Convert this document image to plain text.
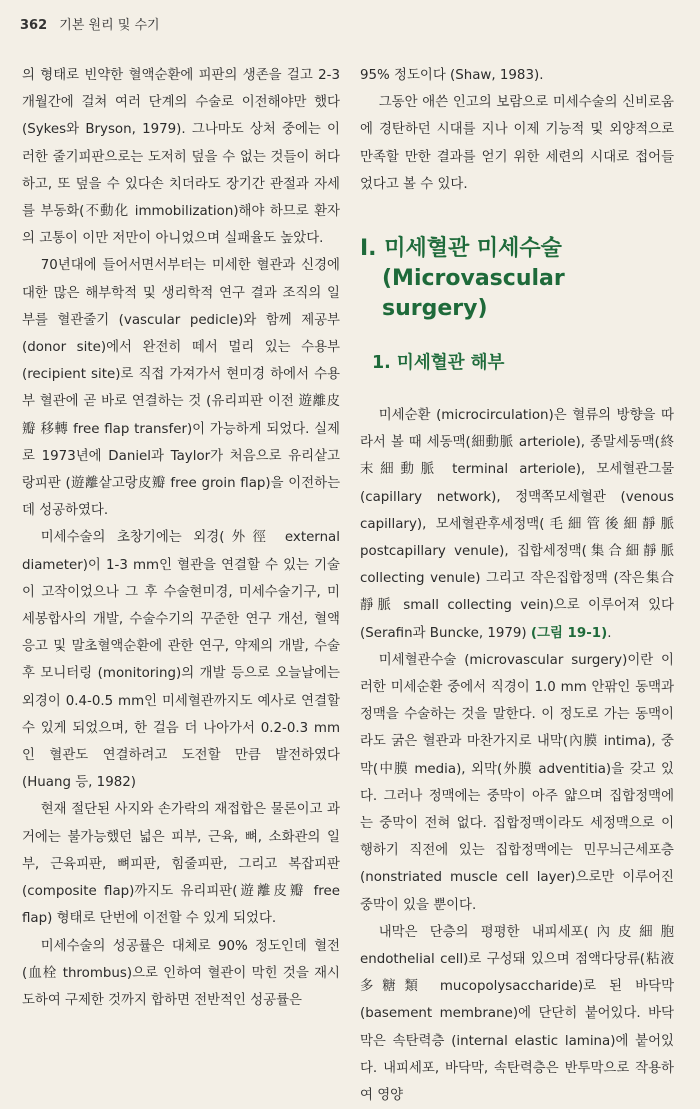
362 기본 원리 및 수기

의 형태로 빈약한 혈액순환에 피판의 생존을 걸고 2-3개월간에 걸쳐 여러 단계의 수술로 이전해야만 했다 (Sykes와 Bryson, 1979). 그나마도 상처 중에는 이러한 줄기피판으로는 도저히 덮을 수 없는 것들이 허다하고, 또 덮을 수 있다손 치더라도 장기간 관절과 자세를 부동화(不動化 immobilization)해야 하므로 환자의 고통이 이만 저만이 아니었으며 실패율도 높았다.

70년대에 들어서면서부터는 미세한 혈관과 신경에 대한 많은 해부학적 및 생리학적 연구 결과 조직의 일부를 혈관줄기 (vascular pedicle)와 함께 제공부(donor site)에서 완전히 떼서 멀리 있는 수용부(recipient site)로 직접 가져가서 현미경 하에서 수용부 혈관에 곧 바로 연결하는 것 (유리피판 이전 遊離皮瓣 移轉 free flap transfer)이 가능하게 되었다. 실제로 1973년에 Daniel과 Taylor가 처음으로 유리샅고랑피판 (遊離샅고랑皮瓣 free groin flap)을 이전하는데 성공하였다.

미세수술의 초창기에는 외경(外徑 external diameter)이 1-3 mm인 혈관을 연결할 수 있는 기술이 고작이었으나 그 후 수술현미경, 미세수술기구, 미세봉합사의 개발, 수술수기의 꾸준한 연구 개선, 혈액응고 및 말초혈액순환에 관한 연구, 약제의 개발, 수술 후 모니터링 (monitoring)의 개발 등으로 오늘날에는 외경이 0.4-0.5 mm인 미세혈관까지도 예사로 연결할 수 있게 되었으며, 한 걸음 더 나아가서 0.2-0.3 mm인 혈관도 연결하려고 도전할 만큼 발전하였다 (Huang 등, 1982)

현재 절단된 사지와 손가락의 재접합은 물론이고 과거에는 불가능했던 넓은 피부, 근육, 뼈, 소화관의 일부, 근육피판, 뼈피판, 힘줄피판, 그리고 복잡피판 (composite flap)까지도 유리피판(遊離皮瓣 free flap) 형태로 단번에 이전할 수 있게 되었다.

미세수술의 성공률은 대체로 90% 정도인데 혈전(血栓 thrombus)으로 인하여 혈관이 막힌 것을 재시도하여 구제한 것까지 합하면 전반적인 성공률은

95% 정도이다 (Shaw, 1983).

그동안 애쓴 인고의 보람으로 미세수술의 신비로움에 경탄하던 시대를 지나 이제 기능적 및 외양적으로 만족할 만한 결과를 얻기 위한 세련의 시대로 접어들었다고 볼 수 있다.

I. 미세혈관 미세수술
(Microvascular surgery)
1. 미세혈관 해부

미세순환 (microcirculation)은 혈류의 방향을 따라서 볼 때 세동맥(細動脈 arteriole), 종말세동맥(終末細動脈 terminal arteriole), 모세혈관그물 (capillary network), 정맥쪽모세혈관 (venous capillary), 모세혈관후세정맥(毛細管後細靜脈 postcapillary venule), 집합세정맥(集合細靜脈 collecting venule) 그리고 작은집합정맥 (작은集合靜脈 small collecting vein)으로 이루어져 있다 (Serafin과 Buncke, 1979) (그림 19-1).

미세혈관수술 (microvascular surgery)이란 이러한 미세순환 중에서 직경이 1.0 mm 안팎인 동맥과 정맥을 수술하는 것을 말한다. 이 정도로 가는 동맥이라도 굵은 혈관과 마찬가지로 내막(內膜 intima), 중막(中膜 media), 외막(外膜 adventitia)을 갖고 있다. 그러나 정맥에는 중막이 아주 얇으며 집합정맥에는 중막이 전혀 없다. 집합정맥이라도 세정맥으로 이행하기 직전에 있는 집합정맥에는 민무늬근세포층(nonstriated muscle cell layer)으로만 이루어진 중막이 있을 뿐이다.

내막은 단층의 평평한 내피세포(內皮細胞 endothelial cell)로 구성돼 있으며 점액다당류(粘液多糖類 mucopolysaccharide)로 된 바닥막 (basement membrane)에 단단히 붙어있다. 바닥막은 속탄력층 (internal elastic lamina)에 붙어있다. 내피세포, 바닥막, 속탄력층은 반투막으로 작용하여 영양
